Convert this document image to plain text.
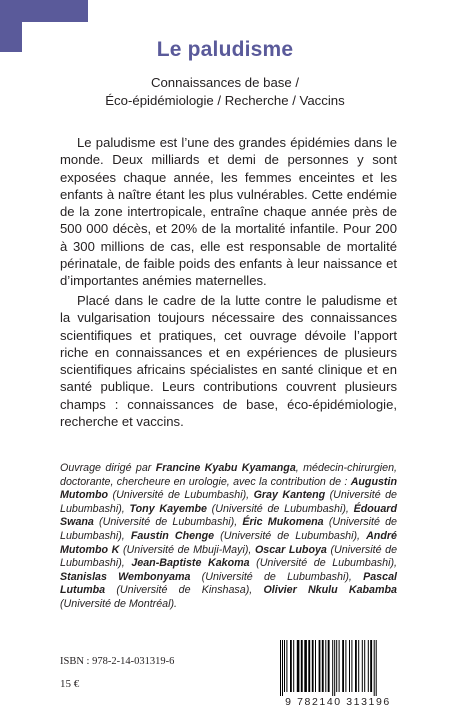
Le paludisme
Connaissances de base /
Éco-épidémiologie / Recherche / Vaccins

Le paludisme est l’une des grandes épidémies dans le monde. Deux milliards et demi de personnes y sont exposées chaque année, les femmes enceintes et les enfants à naître étant les plus vulnérables. Cette endémie de la zone intertropicale, entraîne chaque année près de 500 000 décès, et 20% de la mortalité infantile. Pour 200 à 300 millions de cas, elle est responsable de mortalité périnatale, de faible poids des enfants à leur naissance et d’importantes anémies maternelles.

Placé dans le cadre de la lutte contre le paludisme et la vulgarisation toujours nécessaire des connaissances scientifiques et pratiques, cet ouvrage dévoile l’apport riche en connaissances et en expériences de plusieurs scientifiques africains spécialistes en santé clinique et en santé publique. Leurs contributions couvrent plusieurs champs : connaissances de base, éco-épidémiologie, recherche et vaccins.

Ouvrage dirigé par Francine Kyabu Kyamanga, médecin-chirurgien, doctorante, chercheure en urologie, avec la contribution de : Augustin Mutombo (Université de Lubumbashi), Gray Kanteng (Université de Lubumbashi), Tony Kayembe (Université de Lubumbashi), Édouard Swana (Université de Lubumbashi), Éric Mukomena (Université de Lubumbashi), Faustin Chenge (Université de Lubumbashi), André Mutombo K (Université de Mbuji-Mayi), Oscar Luboya (Université de Lubumbashi), Jean-Baptiste Kakoma (Université de Lubumbashi), Stanislas Wembonyama (Université de Lubumbashi), Pascal Lutumba (Université de Kinshasa), Olivier Nkulu Kabamba (Université de Montréal).

ISBN : 978-2-14-031319-6
15 €
9 782140 313196
